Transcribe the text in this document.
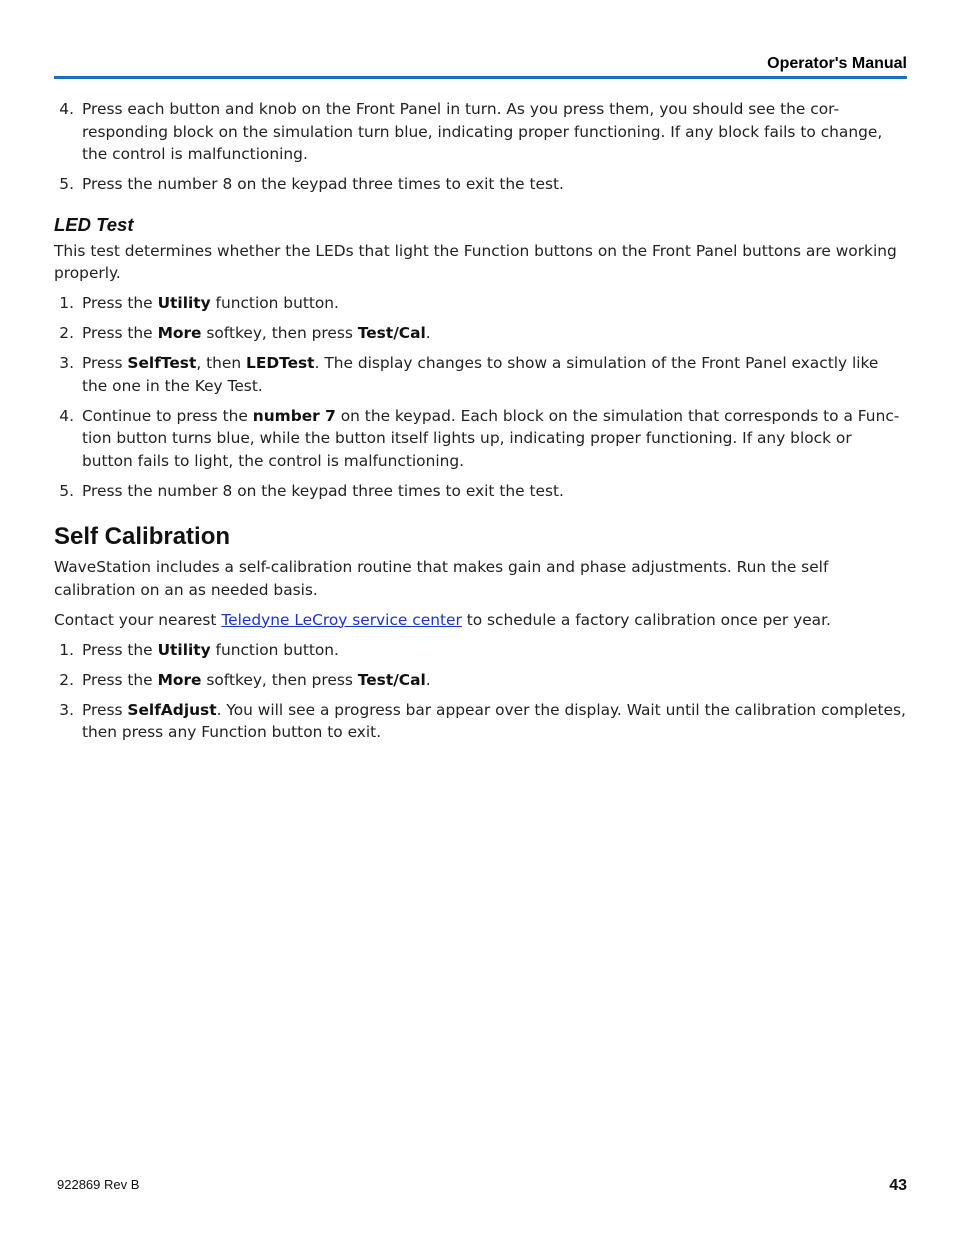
Operator's Manual
4 . Press each button and knob on the Front Panel in turn. As you press them, you should see the cor-responding block on the simulation turn blue, indicating proper functioning. If any block fails to change, the control is malfunctioning.
5 . Press the number 8 on the keypad three times to exit the test.
LED Test

This test determines whether the LEDs that light the Function buttons on the Front Panel buttons are working properly.

1 . Press the Utility function button.
2 . Press the More softkey, then press Test/Cal.
3 . Press SelfTest, then LEDTest. The display changes to show a simulation of the Front Panel exactly like the one in the Key Test.
4 . Continue to press the number 7 on the keypad. Each block on the simulation that corresponds to a Func-tion button turns blue, while the button itself lights up, indicating proper functioning. If any block or button fails to light, the control is malfunctioning.
5 . Press the number 8 on the keypad three times to exit the test.
Self Calibration

WaveStation includes a self-calibration routine that makes gain and phase adjustments. Run the self calibration on an as needed basis.

Contact your nearest Teledyne LeCroy service center to schedule a factory calibration once per year.

1 . Press the Utility function button.
2 . Press the More softkey, then press Test/Cal.
3 . Press SelfAdjust. You will see a progress bar appear over the display. Wait until the calibration completes, then press any Function button to exit.
922869 Rev B	43
